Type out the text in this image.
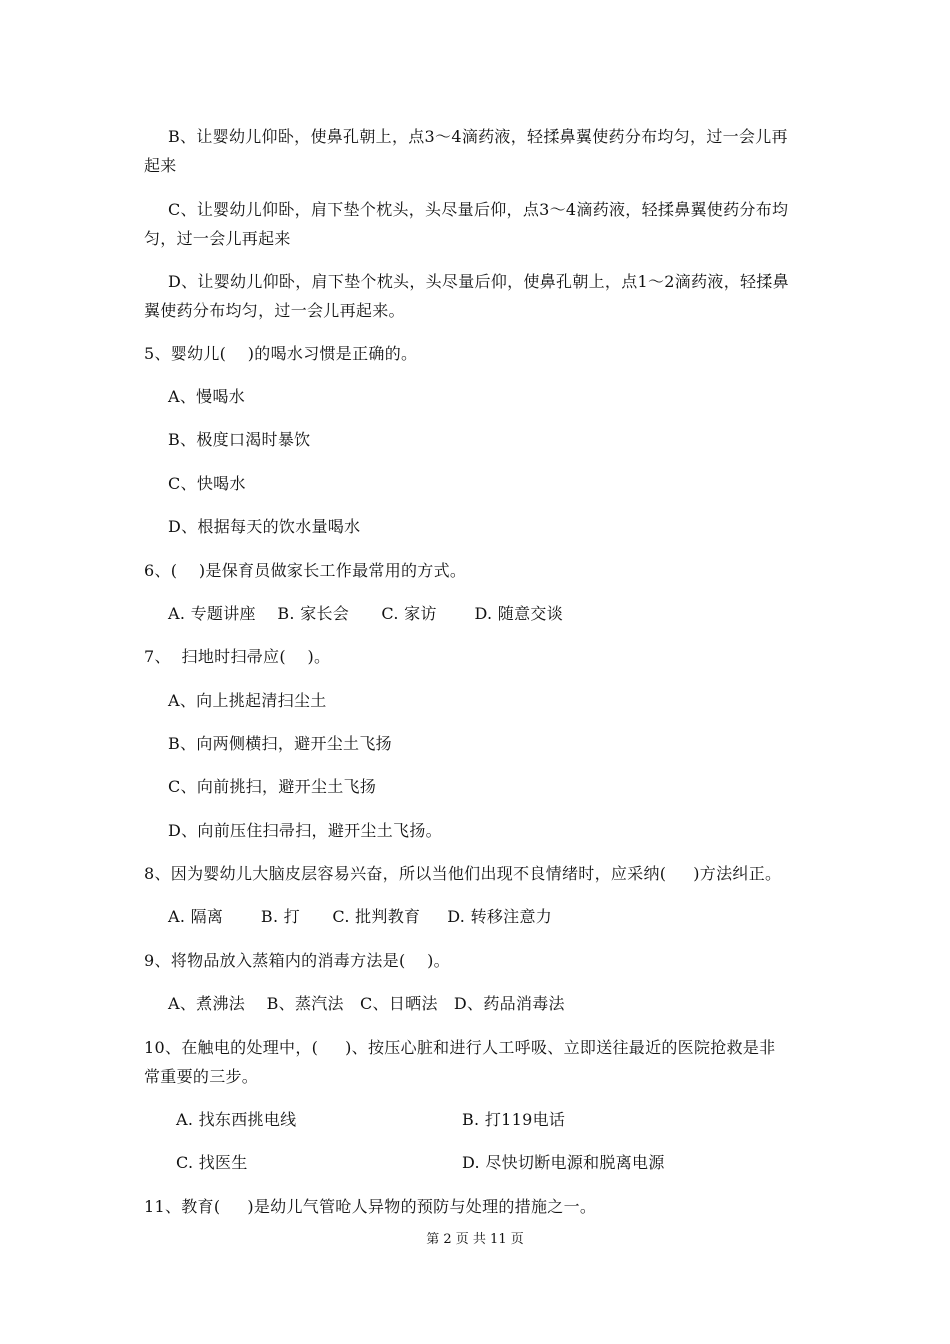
B、让婴幼儿仰卧，使鼻孔朝上，点3～4滴药液，轻揉鼻翼使药分布均匀，过一会儿再
起来
C、让婴幼儿仰卧，肩下垫个枕头，头尽量后仰，点3～4滴药液，轻揉鼻翼使药分布均
匀，过一会儿再起来
D、让婴幼儿仰卧，肩下垫个枕头，头尽量后仰，使鼻孔朝上，点1～2滴药液，轻揉鼻
翼使药分布均匀，过一会儿再起来。
5、婴幼儿(    )的喝水习惯是正确的。
A、慢喝水
B、极度口渴时暴饮
C、快喝水
D、根据每天的饮水量喝水
6、(    )是保育员做家长工作最常用的方式。
A. 专题讲座    B. 家长会      C. 家访       D. 随意交谈
7、  扫地时扫帚应(    )。
A、向上挑起清扫尘土
B、向两侧横扫，避开尘土飞扬
C、向前挑扫，避开尘土飞扬
D、向前压住扫帚扫，避开尘土飞扬。
8、因为婴幼儿大脑皮层容易兴奋，所以当他们出现不良情绪时，应采纳(     )方法纠正。
A. 隔离       B. 打      C. 批判教育     D. 转移注意力
9、将物品放入蒸箱内的消毒方法是(    )。
A、煮沸法    B、蒸汽法   C、日晒法   D、药品消毒法
10、在触电的处理中，(     )、按压心脏和进行人工呼吸、立即送往最近的医院抢救是非
常重要的三步。
A. 找东西挑电线	B. 打119电话
C. 找医生	D. 尽快切断电源和脱离电源
11、教育(     )是幼儿气管呛人异物的预防与处理的措施之一。
第 2 页 共 11 页
